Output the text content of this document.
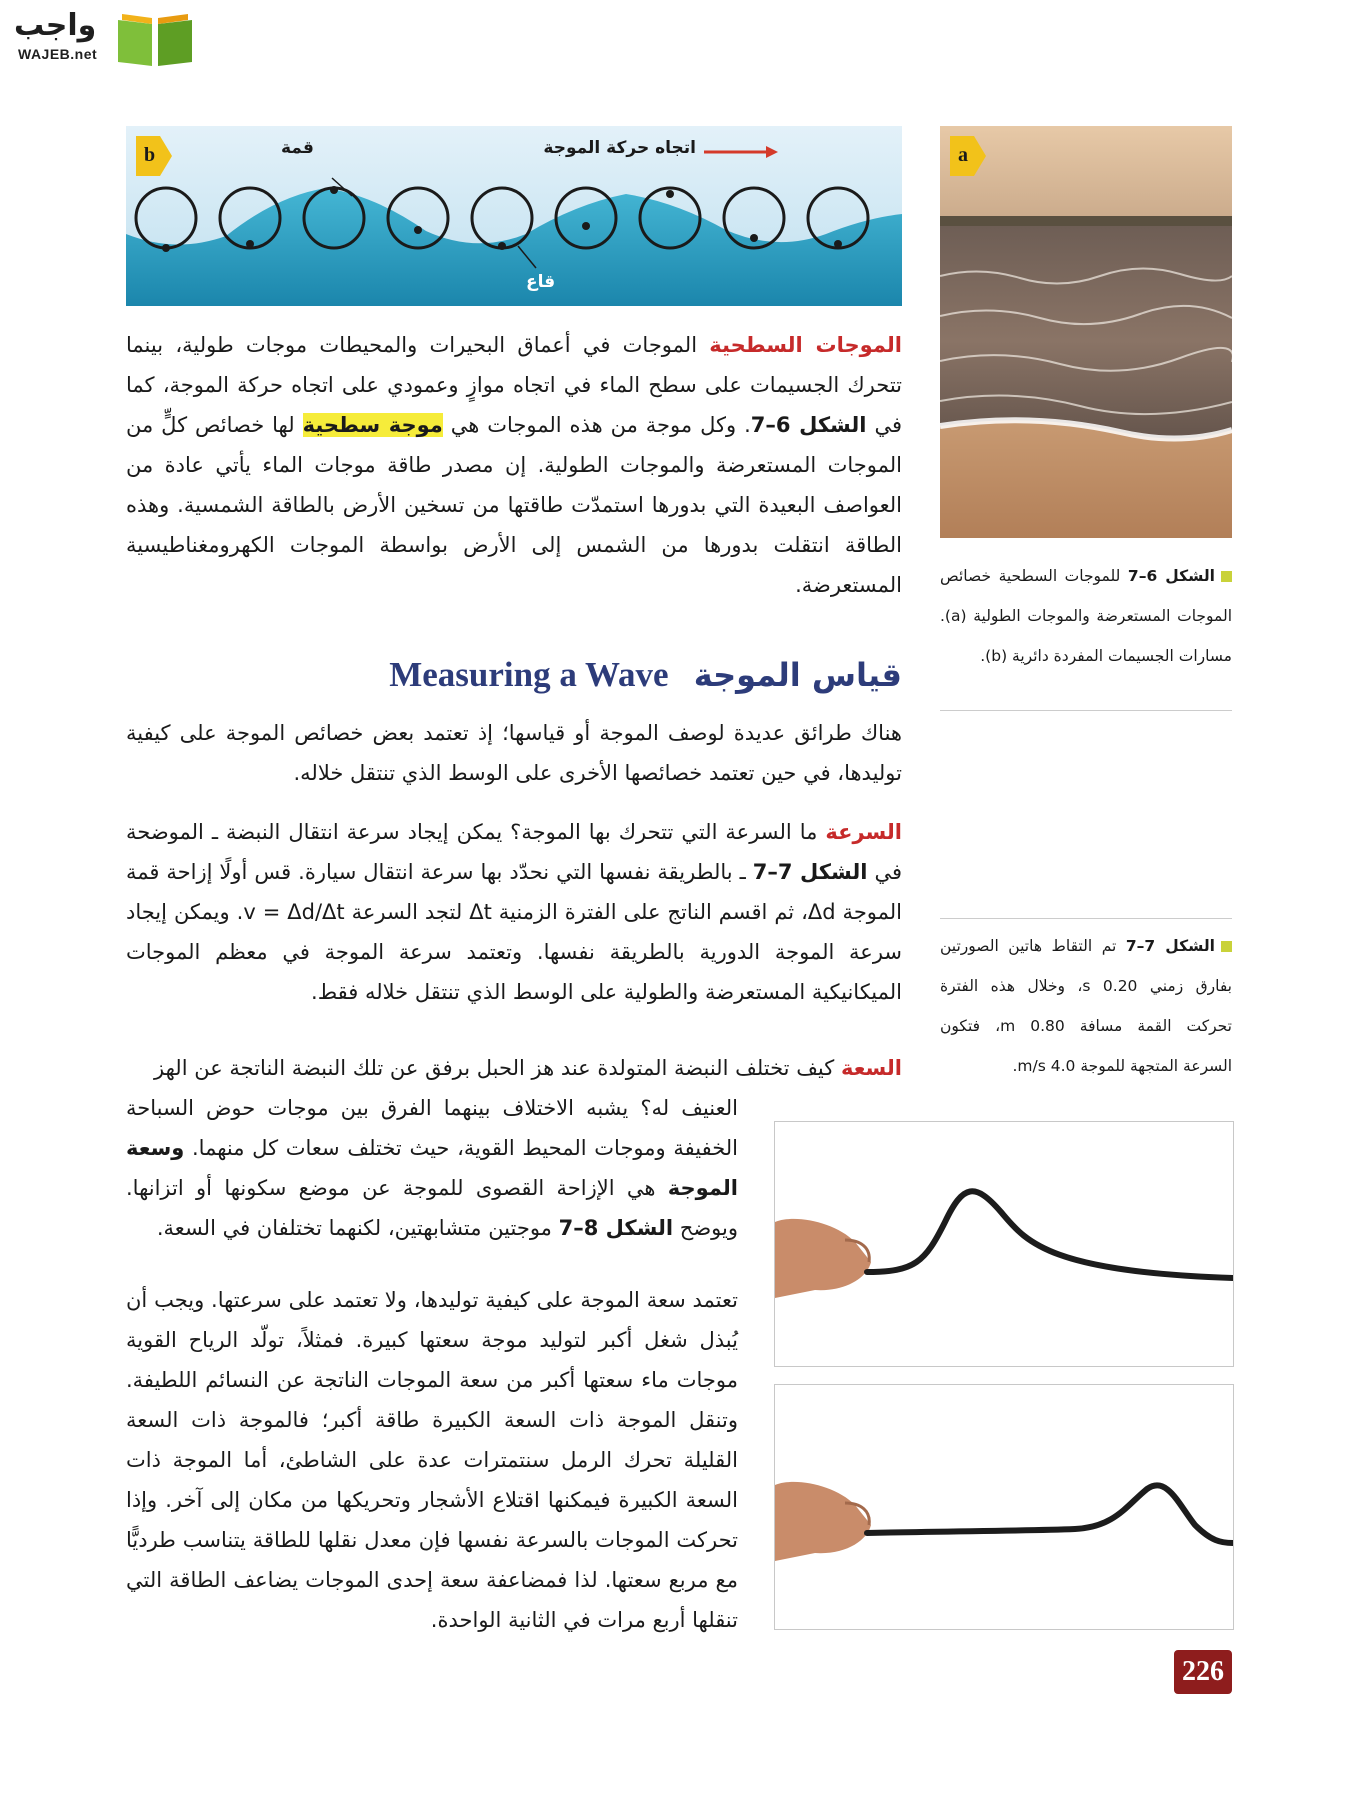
واجب
WAJEB.net
b	اتجاه حركة الموجة
قمة
قاع
a

الموجات السطحية الموجات في أعماق البحيرات والمحيطات موجات طولية، بينما تتحرك الجسيمات على سطح الماء في اتجاه موازٍ وعمودي على اتجاه حركة الموجة، كما في الشكل 6–7. وكل موجة من هذه الموجات هي موجة سطحية لها خصائص كلٍّ من الموجات المستعرضة والموجات الطولية. إن مصدر طاقة موجات الماء يأتي عادة من العواصف البعيدة التي بدورها استمدّت طاقتها من تسخين الأرض بالطاقة الشمسية. وهذه الطاقة انتقلت بدورها من الشمس إلى الأرض بواسطة الموجات الكهرومغناطيسية المستعرضة.

قياس الموجة Measuring a Wave

هناك طرائق عديدة لوصف الموجة أو قياسها؛ إذ تعتمد بعض خصائص الموجة على كيفية توليدها، في حين تعتمد خصائصها الأخرى على الوسط الذي تنتقل خلاله.

السرعة ما السرعة التي تتحرك بها الموجة؟ يمكن إيجاد سرعة انتقال النبضة ـ الموضحة في الشكل 7–7 ـ بالطريقة نفسها التي نحدّد بها سرعة انتقال سيارة. قس أولًا إزاحة قمة الموجة Δd، ثم اقسم الناتج على الفترة الزمنية Δt لتجد السرعة v = Δd/Δt. ويمكن إيجاد سرعة الموجة الدورية بالطريقة نفسها. وتعتمد سرعة الموجة في معظم الموجات الميكانيكية المستعرضة والطولية على الوسط الذي تنتقل خلاله فقط.

السعة كيف تختلف النبضة المتولدة عند هز الحبل برفق عن تلك النبضة الناتجة عن الهز

العنيف له؟ يشبه الاختلاف بينهما الفرق بين موجات حوض السباحة الخفيفة وموجات المحيط القوية، حيث تختلف سعات كل منهما. وسعة الموجة هي الإزاحة القصوى للموجة عن موضع سكونها أو اتزانها. ويوضح الشكل 8–7 موجتين متشابهتين، لكنهما تختلفان في السعة.

تعتمد سعة الموجة على كيفية توليدها، ولا تعتمد على سرعتها. ويجب أن يُبذل شغل أكبر لتوليد موجة سعتها كبيرة. فمثلاً، تولّد الرياح القوية موجات ماء سعتها أكبر من سعة الموجات الناتجة عن النسائم اللطيفة. وتنقل الموجة ذات السعة الكبيرة طاقة أكبر؛ فالموجة ذات السعة القليلة تحرك الرمل سنتمترات عدة على الشاطئ، أما الموجة ذات السعة الكبيرة فيمكنها اقتلاع الأشجار وتحريكها من مكان إلى آخر. وإذا تحركت الموجات بالسرعة نفسها فإن معدل نقلها للطاقة يتناسب طرديًّا مع مربع سعتها. لذا فمضاعفة سعة إحدى الموجات يضاعف الطاقة التي تنقلها أربع مرات في الثانية الواحدة.

الشكل 6–7 للموجات السطحية خصائص الموجات المستعرضة والموجات الطولية (a). مسارات الجسيمات المفردة دائرية (b).
الشكل 7–7 تم التقاط هاتين الصورتين بفارق زمني 0.20 s، وخلال هذه الفترة تحركت القمة مسافة 0.80 m، فتكون السرعة المتجهة للموجة 4.0 m/s.
226
